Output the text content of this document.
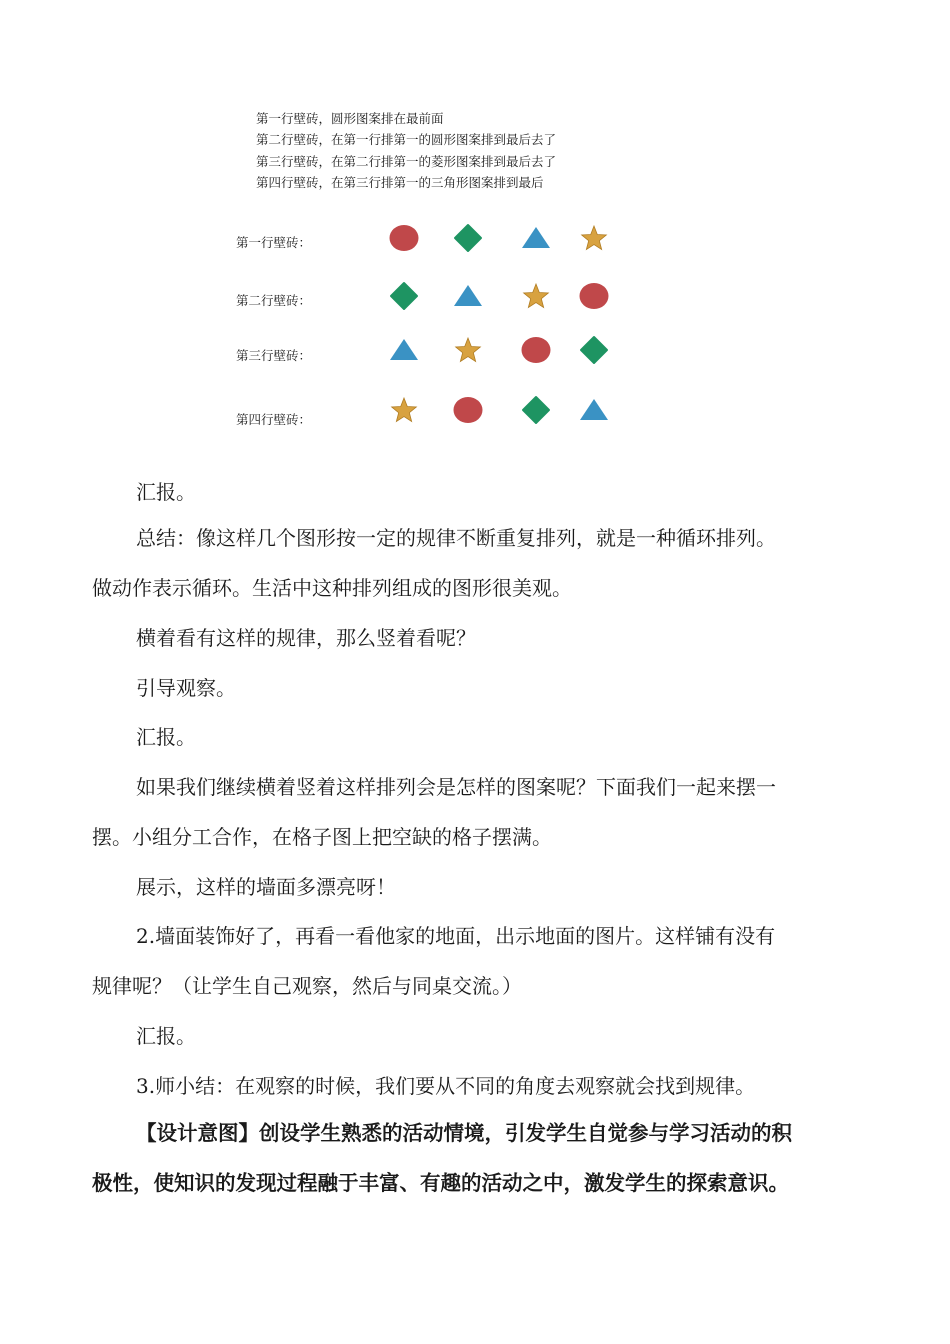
第一行壁砖，圆形图案排在最前面
第二行壁砖，在第一行排第一的圆形图案排到最后去了
第三行壁砖，在第二行排第一的菱形图案排到最后去了
第四行壁砖，在第三行排第一的三角形图案排到最后
第一行壁砖：
第二行壁砖：
第三行壁砖：
第四行壁砖：
汇报。
总结：像这样几个图形按一定的规律不断重复排列，就是一种循环排列。
做动作表示循环。生活中这种排列组成的图形很美观。
横着看有这样的规律，那么竖着看呢？
引导观察。
汇报。
如果我们继续横着竖着这样排列会是怎样的图案呢？下面我们一起来摆一
摆。小组分工合作，在格子图上把空缺的格子摆满。
展示，这样的墙面多漂亮呀！
2.墙面装饰好了，再看一看他家的地面，出示地面的图片。这样铺有没有
规律呢？（让学生自己观察，然后与同桌交流。）
汇报。
3.师小结：在观察的时候，我们要从不同的角度去观察就会找到规律。
【设计意图】创设学生熟悉的活动情境，引发学生自觉参与学习活动的积
极性，使知识的发现过程融于丰富、有趣的活动之中，激发学生的探索意识。
